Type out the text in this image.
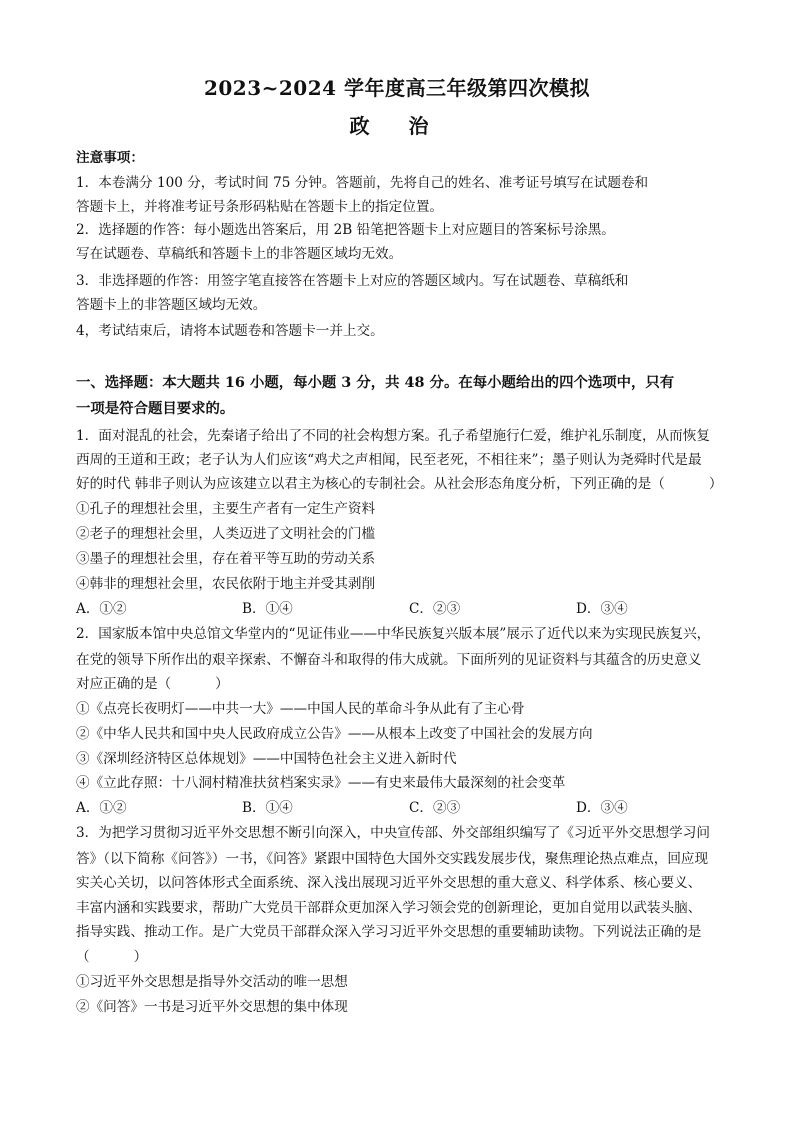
2023~2024 学年度高三年级第四次模拟
政 治
注意事项：
1．本卷满分 100 分，考试时间 75 分钟。答题前，先将自己的姓名、准考证号填写在试题卷和
答题卡上，并将准考证号条形码粘贴在答题卡上的指定位置。
2．选择题的作答：每小题选出答案后，用 2B 铅笔把答题卡上对应题目的答案标号涂黑。
写在试题卷、草稿纸和答题卡上的非答题区域均无效。
3．非选择题的作答：用签字笔直接答在答题卡上对应的答题区域内。写在试题卷、草稿纸和
答题卡上的非答题区域均无效。
4，考试结束后，请将本试题卷和答题卡一并上交。
一、选择题：本大题共 16 小题，每小题 3 分，共 48 分。在每小题给出的四个选项中，只有
一项是符合题目要求的。
1．面对混乱的社会，先秦诸子给出了不同的社会构想方案。孔子希望施行仁爱，维护礼乐制度，从而恢复
西周的王道和王政；老子认为人们应该“鸡犬之声相闻，民至老死，不相往来”；墨子则认为尧舜时代是最
好的时代 韩非子则认为应该建立以君主为核心的专制社会。从社会形态角度分析，下列正确的是（	）
①孔子的理想社会里，主要生产者有一定生产资料
②老子的理想社会里，人类迈进了文明社会的门槛
③墨子的理想社会里，存在着平等互助的劳动关系
④韩非的理想社会里，农民依附于地主并受其剥削
A．①②	B．①④	C．②③	D．③④
2．国家版本馆中央总馆文华堂内的“见证伟业——中华民族复兴版本展”展示了近代以来为实现民族复兴，
在党的领导下所作出的艰辛探索、不懈奋斗和取得的伟大成就。下面所列的见证资料与其蕴含的历史意义
对应正确的是（	）
①《点亮长夜明灯——中共一大》——中国人民的革命斗争从此有了主心骨
②《中华人民共和国中央人民政府成立公告》——从根本上改变了中国社会的发展方向
③《深圳经济特区总体规划》——中国特色社会主义进入新时代
④《立此存照：十八洞村精准扶贫档案实录》——有史来最伟大最深刻的社会变革
A．①②	B．①④	C．②③	D．③④
3．为把学习贯彻习近平外交思想不断引向深入，中央宣传部、外交部组织编写了《习近平外交思想学习问
答》（以下简称《问答》）一书，《问答》紧跟中国特色大国外交实践发展步伐，聚焦理论热点难点，回应现
实关心关切，以问答体形式全面系统、深入浅出展现习近平外交思想的重大意义、科学体系、核心要义、
丰富内涵和实践要求，帮助广大党员干部群众更加深入学习领会党的创新理论，更加自觉用以武装头脑、
指导实践、推动工作。是广大党员干部群众深入学习习近平外交思想的重要辅助读物。下列说法正确的是
（	）
①习近平外交思想是指导外交活动的唯一思想
②《问答》一书是习近平外交思想的集中体现
